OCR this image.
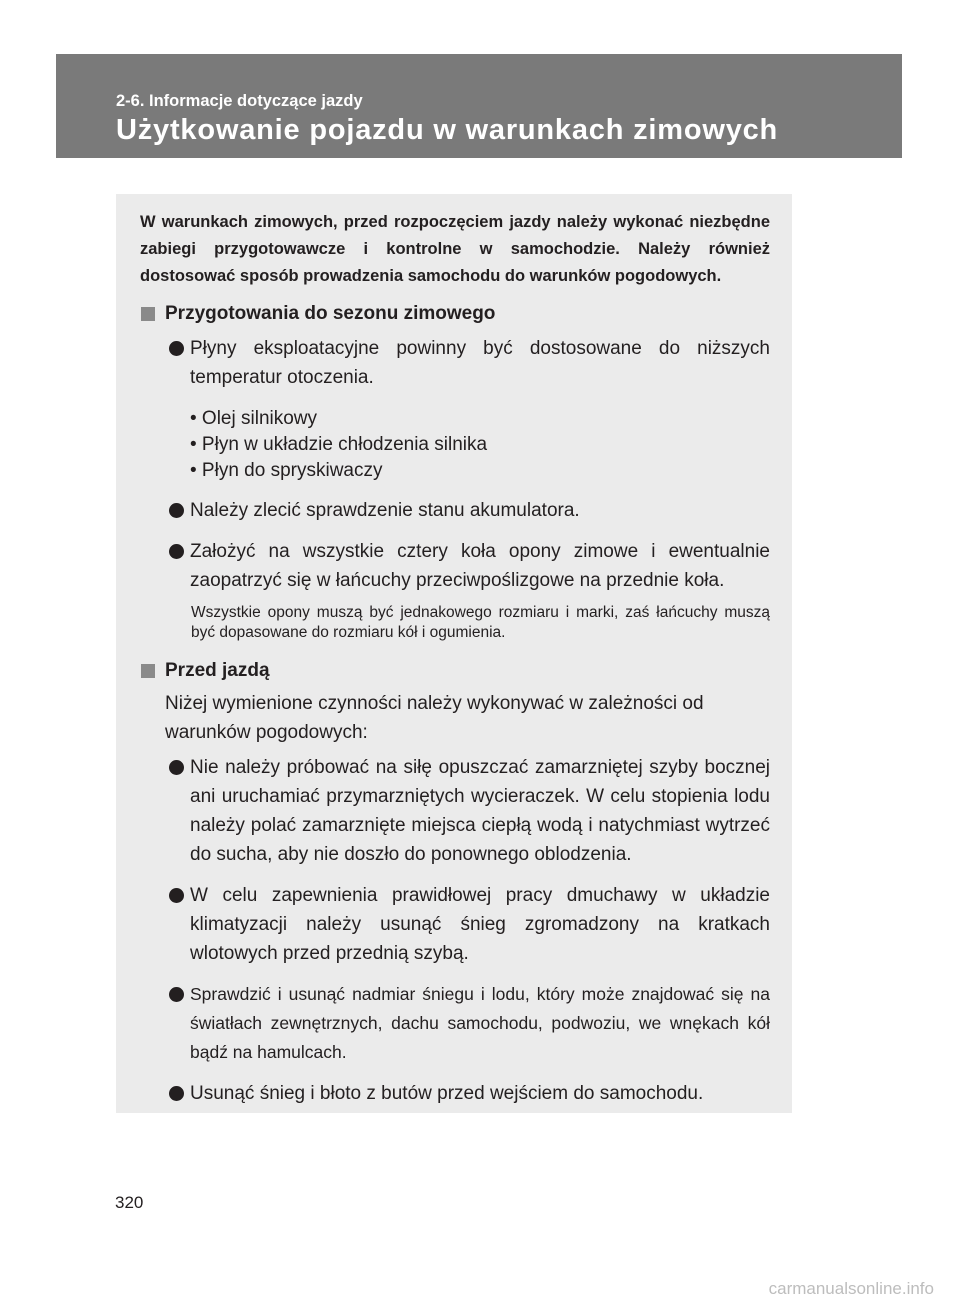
2-6. Informacje dotyczące jazdy
Użytkowanie pojazdu w warunkach zimowych

W warunkach zimowych, przed rozpoczęciem jazdy należy wykonać niezbędne zabiegi przygotowawcze i kontrolne w samochodzie. Należy również dostosować sposób prowadzenia samochodu do warunków pogodowych.

Przygotowania do sezonu zimowego
Płyny eksploatacyjne powinny być dostosowane do niższych temperatur otoczenia.
• Olej silnikowy
• Płyn w układzie chłodzenia silnika
• Płyn do spryskiwaczy
Należy zlecić sprawdzenie stanu akumulatora.
Założyć na wszystkie cztery koła opony zimowe i ewentualnie zaopatrzyć się w łańcuchy przeciwpoślizgowe na przednie koła.
Wszystkie opony muszą być jednakowego rozmiaru i marki, zaś łańcuchy muszą być dopasowane do rozmiaru kół i ogumienia.
Przed jazdą
Niżej wymienione czynności należy wykonywać w zależności od warunków pogodowych:
Nie należy próbować na siłę opuszczać zamarzniętej szyby bocznej ani uruchamiać przymarzniętych wycieraczek. W celu stopienia lodu należy polać zamarznięte miejsca ciepłą wodą i natychmiast wytrzeć do sucha, aby nie doszło do ponownego oblodzenia.
W celu zapewnienia prawidłowej pracy dmuchawy w układzie klimatyzacji należy usunąć śnieg zgromadzony na kratkach wlotowych przed przednią szybą.
Sprawdzić i usunąć nadmiar śniegu i lodu, który może znajdować się na światłach zewnętrznych, dachu samochodu, podwoziu, we wnękach kół bądź na hamulcach.
Usunąć śnieg i błoto z butów przed wejściem do samochodu.
320
carmanualsonline.info
